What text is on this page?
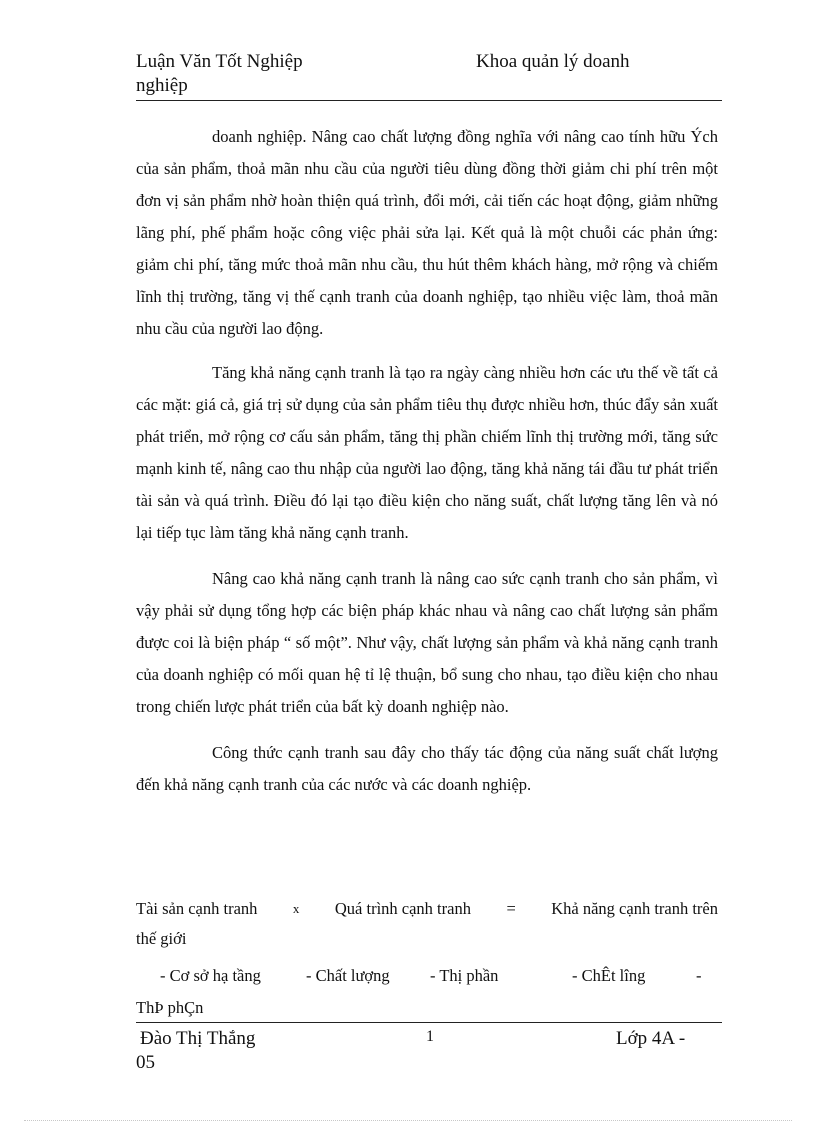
Luận Văn Tốt Nghiệp	Khoa quản lý doanh
nghiệp

doanh nghiệp. Nâng cao chất lượng đồng nghĩa với nâng cao tính hữu Ých của sản phẩm, thoả mãn nhu cầu của người tiêu dùng đồng thời giảm chi phí trên một đơn vị sản phẩm nhờ hoàn thiện quá trình, đổi mới, cải tiến các hoạt động, giảm những lãng phí, phế phẩm hoặc công việc phải sửa lại. Kết quả là một chuỗi các phản ứng: giảm chi phí, tăng mức thoả mãn nhu cầu, thu hút thêm khách hàng, mở rộng và chiếm lĩnh thị trường, tăng vị thế cạnh tranh của doanh nghiệp, tạo nhiều việc làm, thoả mãn nhu cầu của người lao động.

Tăng khả năng cạnh tranh là tạo ra ngày càng nhiều hơn các ưu thế về tất cả các mặt: giá cả, giá trị sử dụng của sản phẩm tiêu thụ được nhiều hơn, thúc đẩy sản xuất phát triển, mở rộng cơ cấu sản phẩm, tăng thị phần chiếm lĩnh thị trường mới, tăng sức mạnh kinh tế, nâng cao thu nhập của người lao động, tăng khả năng tái đầu tư phát triển tài sản và quá trình. Điều đó lại tạo điều kiện cho năng suất, chất lượng tăng lên và nó lại tiếp tục làm tăng khả năng cạnh tranh.

Nâng cao khả năng cạnh tranh là nâng cao sức cạnh tranh cho sản phẩm, vì vậy phải sử dụng tổng hợp các biện pháp khác nhau và nâng cao chất lượng sản phẩm được coi là biện pháp “ số một”. Như vậy, chất lượng sản phẩm và khả năng cạnh tranh của doanh nghiệp có mối quan hệ tỉ lệ thuận, bổ sung cho nhau, tạo điều kiện cho nhau trong chiến lược phát triển của bất kỳ doanh nghiệp nào.

Công thức cạnh tranh sau đây cho thấy tác động của năng suất chất lượng đến khả năng cạnh tranh của các nước và các doanh nghiệp.

Tài sản cạnh tranh	x Quá trình cạnh tranh = Khả năng cạnh tranh trên
thế giới
- Cơ sở hạ tầng	- Chất lượng - Thị phần	- ChÊt lîng	-
ThÞ phÇn
Đào Thị Thắng
05
1	Lớp 4A -
